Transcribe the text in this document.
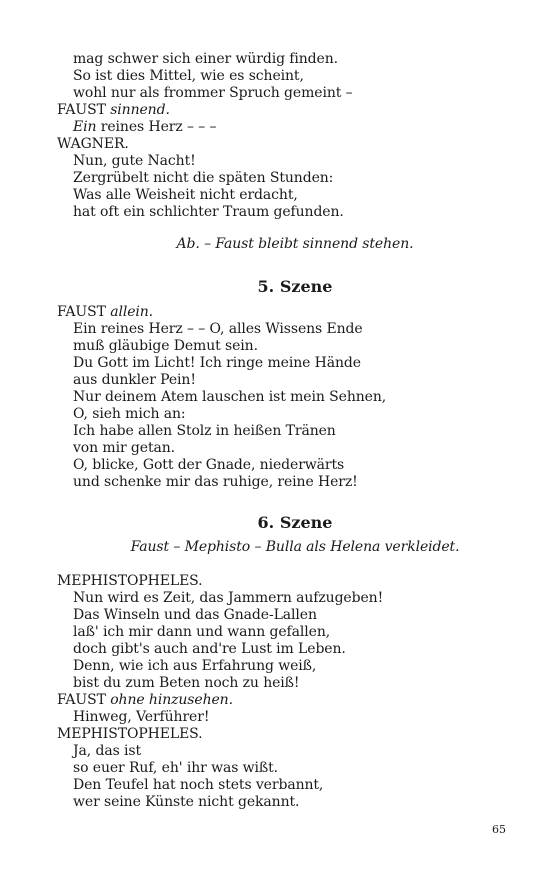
mag schwer sich einer würdig finden.
So ist dies Mittel, wie es scheint,
wohl nur als frommer Spruch gemeint –
FAUST sinnend.
Ein reines Herz – – –
WAGNER.
Nun, gute Nacht!
Zergrübelt nicht die späten Stunden:
Was alle Weisheit nicht erdacht,
hat oft ein schlichter Traum gefunden.
Ab. – Faust bleibt sinnend stehen.
5. Szene
FAUST allein.
Ein reines Herz – – O, alles Wissens Ende
muß gläubige Demut sein.
Du Gott im Licht! Ich ringe meine Hände
aus dunkler Pein!
Nur deinem Atem lauschen ist mein Sehnen,
O, sieh mich an:
Ich habe allen Stolz in heißen Tränen
von mir getan.
O, blicke, Gott der Gnade, niederwärts
und schenke mir das ruhige, reine Herz!
6. Szene
Faust – Mephisto – Bulla als Helena verkleidet.
MEPHISTOPHELES.
Nun wird es Zeit, das Jammern aufzugeben!
Das Winseln und das Gnade-Lallen
laß' ich mir dann und wann gefallen,
doch gibt's auch and're Lust im Leben.
Denn, wie ich aus Erfahrung weiß,
bist du zum Beten noch zu heiß!
FAUST ohne hinzusehen.
Hinweg, Verführer!
MEPHISTOPHELES.
Ja, das ist
so euer Ruf, eh' ihr was wißt.
Den Teufel hat noch stets verbannt,
wer seine Künste nicht gekannt.
65
